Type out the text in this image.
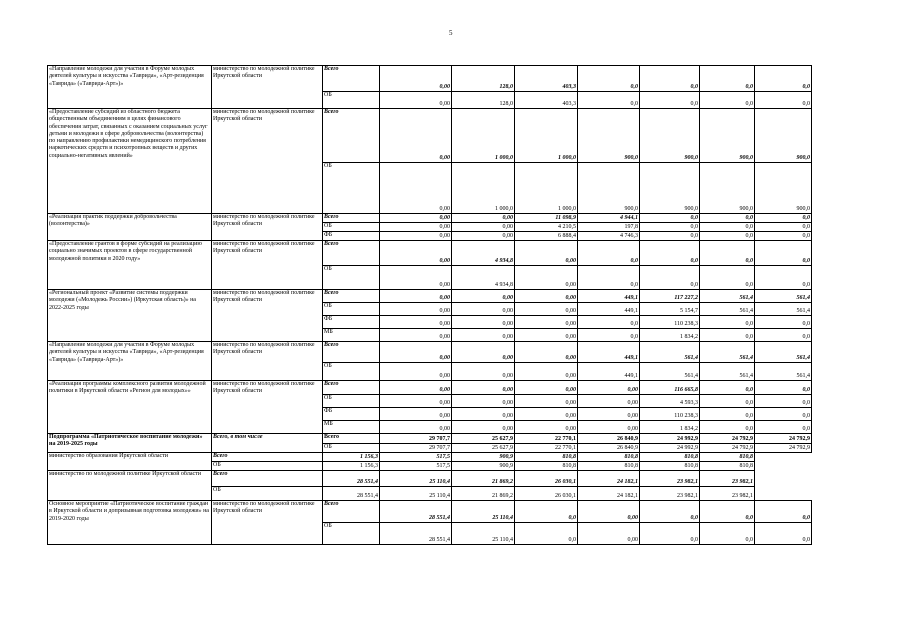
5
«Направление молодежи для участия в Форуме молодых деятелей культуры и искусства «Таврида», «Арт-резиденция «Таврида» («Таврида-Арт»)»	министерство по молодежной политике Иркутской области	Всего	0,00	128,0	403,3	0,0	0,0	0,0	0,0
		ОБ	0,00	128,0	403,3	0,0	0,0	0,0	0,0
«Предоставление субсидий из областного бюджета общественным объединениям в целях финансового обеспечения затрат, связанных с оказанием социальных услуг детьми и молодежи в сфере добровольчества (волонтерства) по направлению профилактики немедицинского потребления наркотических средств и психотропных веществ и других социально-негативных явлений»	министерство по молодежной политике Иркутской области	Всего	0,00	1 000,0	1 000,0	900,0	900,0	900,0	900,0
		ОБ	0,00	1 000,0	1 000,0	900,0	900,0	900,0	900,0
«Реализация практик поддержки добровольчества (волонтерства)»	министерство по молодежной политике Иркутской области	Всего	0,00	0,00	11 098,9	4 944,1	0,0	0,0	0,0
		ОБ	0,00	0,00	4 210,5	197,8	0,0	0,0	0,0
		ФБ	0,00	0,00	6 888,4	4 746,3	0,0	0,0	0,0
«Предоставление грантов в форме субсидий на реализацию социально значимых проектов в сфере государственной молодежной политики в 2020 году»	министерство по молодежной политике Иркутской области	Всего	0,00	4 934,8	0,00	0,0	0,0	0,0	0,0
		ОБ	0,00	4 934,8	0,00	0,0	0,0	0,0	0,0
«Региональный проект «Развитие системы поддержки молодежи («Молодежь России») (Иркутская область)» на 2022-2025 годы	министерство по молодежной политике Иркутской области	Всего	0,00	0,00	0,00	449,1	117 227,2	561,4	561,4
		ОБ	0,00	0,00	0,00	449,1	5 154,7	561,4	561,4
		ФБ	0,00	0,00	0,00	0,0	110 238,3	0,0	0,0
		МБ	0,00	0,00	0,00	0,0	1 834,2	0,0	0,0
«Направление молодежи для участия в Форуме молодых деятелей культуры и искусства «Таврида», «Арт-резиденция «Таврида» («Таврида-Арт»)»	министерство по молодежной политике Иркутской области	Всего	0,00	0,00	0,00	449,1	561,4	561,4	561,4
		ОБ	0,00	0,00	0,00	449,1	561,4	561,4	561,4
«Реализация программы комплексного развития молодежной политики в Иркутской области «Регион для молодых»»	министерство по молодежной политике Иркутской области	Всего	0,00	0,00	0,00	0,00	116 665,8	0,0	0,0
		ОБ	0,00	0,00	0,00	0,00	4 593,3	0,0	0,0
		ФБ	0,00	0,00	0,00	0,00	110 238,3	0,0	0,0
		МБ	0,00	0,00	0,00	0,00	1 834,2	0,0	0,0
Подпрограмма «Патриотическое воспитание молодежи» на 2019-2025 годы	Всего, в том числе	Всего	29 707,7	25 627,9	22 770,1	26 840,9	24 992,9	24 792,9	24 792,9
		ОБ	29 707,7	25 627,9	22 770,1	26 840,9	24 992,9	24 792,9	24 792,9
министерство образования Иркутской области	Всего	1 156,3	517,5	900,9	810,8	810,8	810,8	810,8	
	ОБ	1 156,3	517,5	900,9	810,8	810,8	810,8	810,8	
министерство по молодежной политике Иркутской области	Всего	28 551,4	25 110,4	21 869,2	26 030,1	24 182,1	23 982,1	23 982,1	
	ОБ	28 551,4	25 110,4	21 869,2	26 030,1	24 182,1	23 982,1	23 982,1	
Основное мероприятие «Патриотическое воспитание граждан в Иркутской области и допризывная подготовка молодежи» на 2019-2020 годы	министерство по молодежной политике Иркутской области	Всего	28 551,4	25 110,4	0,0	0,00	0,0	0,0	0,0
		ОБ	28 551,4	25 110,4	0,0	0,00	0,0	0,0	0,0
